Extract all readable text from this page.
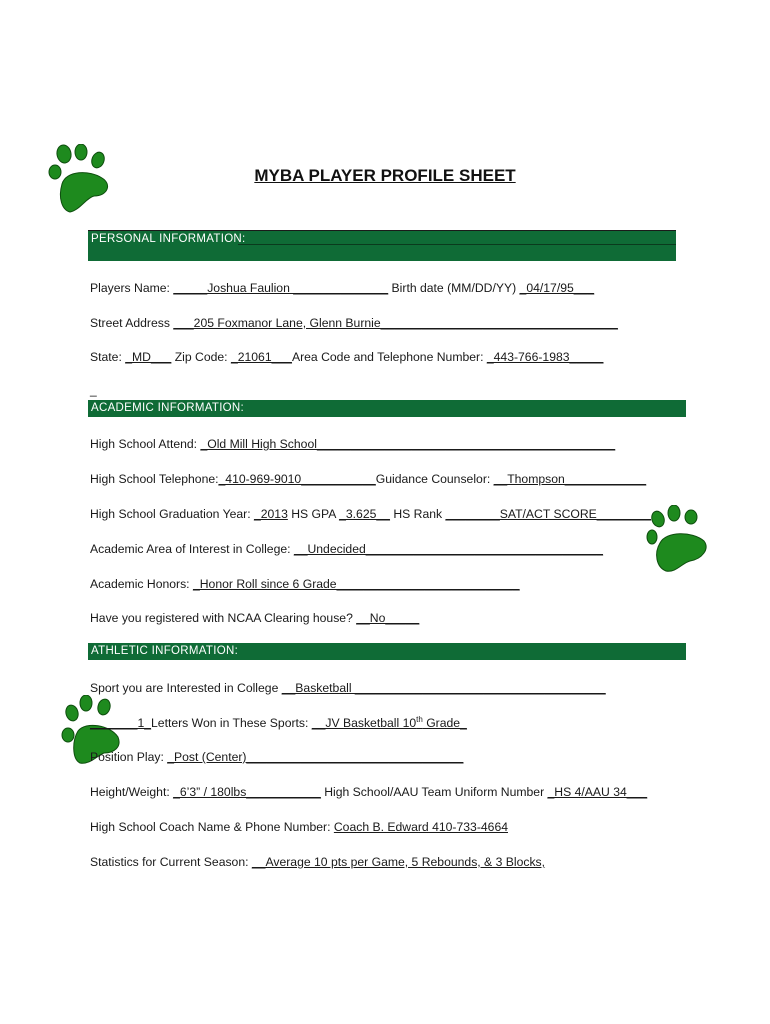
MYBA PLAYER PROFILE SHEET
PERSONAL INFORMATION:
Players Name: _____Joshua Faulion ______________ Birth date (MM/DD/YY) _04/17/95___
Street Address ___205 Foxmanor Lane, Glenn Burnie___________________________________
State: _MD___ Zip Code: _21061___Area Code and Telephone Number: _443-766-1983_____
_
ACADEMIC INFORMATION:
High School Attend: _Old Mill High School____________________________________________
High School Telephone:_410-969-9010___________Guidance Counselor: __Thompson____________
High School Graduation Year: _2013 HS GPA _3.625__ HS Rank ________SAT/ACT SCORE________
Academic Area of Interest in College: __Undecided___________________________________
Academic Honors: _Honor Roll since 6 Grade___________________________
Have you registered with NCAA Clearing house? __No_____
ATHLETIC INFORMATION:
Sport you are Interested in College __Basketball _____________________________________
_______1_Letters Won in These Sports: __JV Basketball 10th Grade_
Position Play: _Post (Center)________________________________
Height/Weight: _6’3” / 180lbs___________ High School/AAU Team Uniform Number _HS 4/AAU 34___
High School Coach Name & Phone Number: Coach B. Edward 410-733-4664
Statistics for Current Season: __Average 10 pts per Game, 5 Rebounds, & 3 Blocks,
